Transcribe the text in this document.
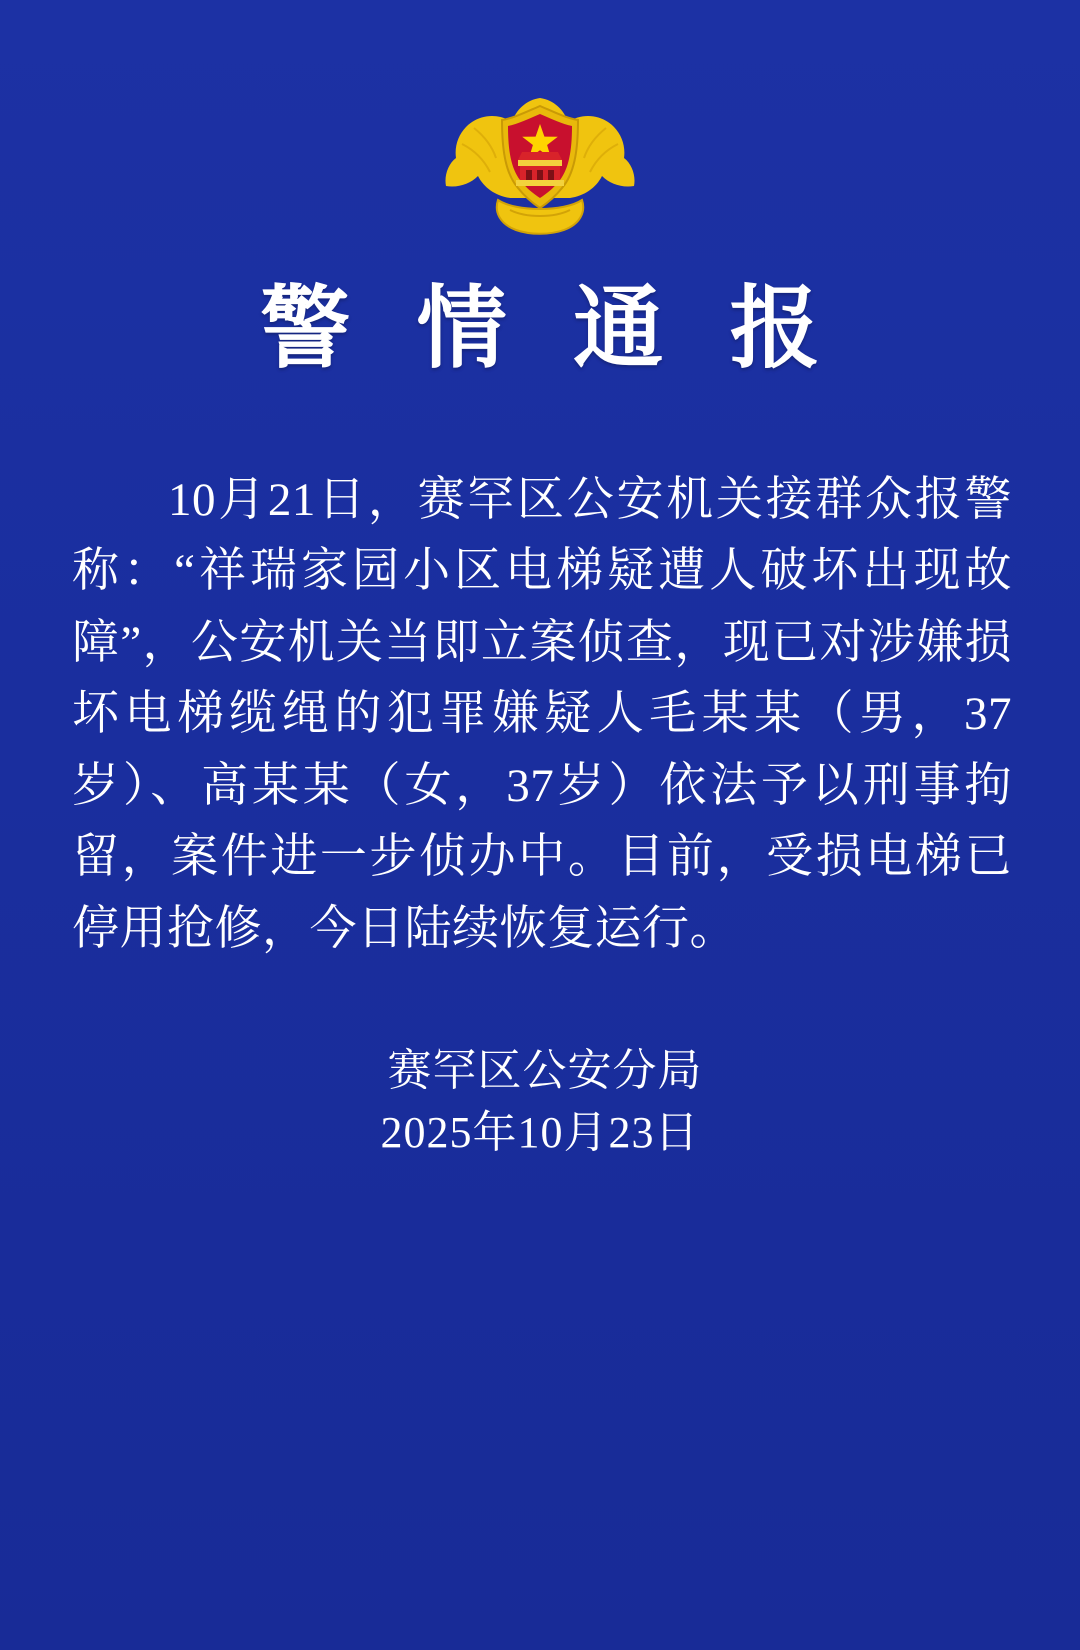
警 情 通 报
10月21日，赛罕区公安机关接群众报警称：“祥瑞家园小区电梯疑遭人破坏出现故障”，公安机关当即立案侦查，现已对涉嫌损坏电梯缆绳的犯罪嫌疑人毛某某（男，37岁）、高某某（女，37岁）依法予以刑事拘留，案件进一步侦办中。目前，受损电梯已停用抢修，今日陆续恢复运行。
赛罕区公安分局
2025年10月23日
